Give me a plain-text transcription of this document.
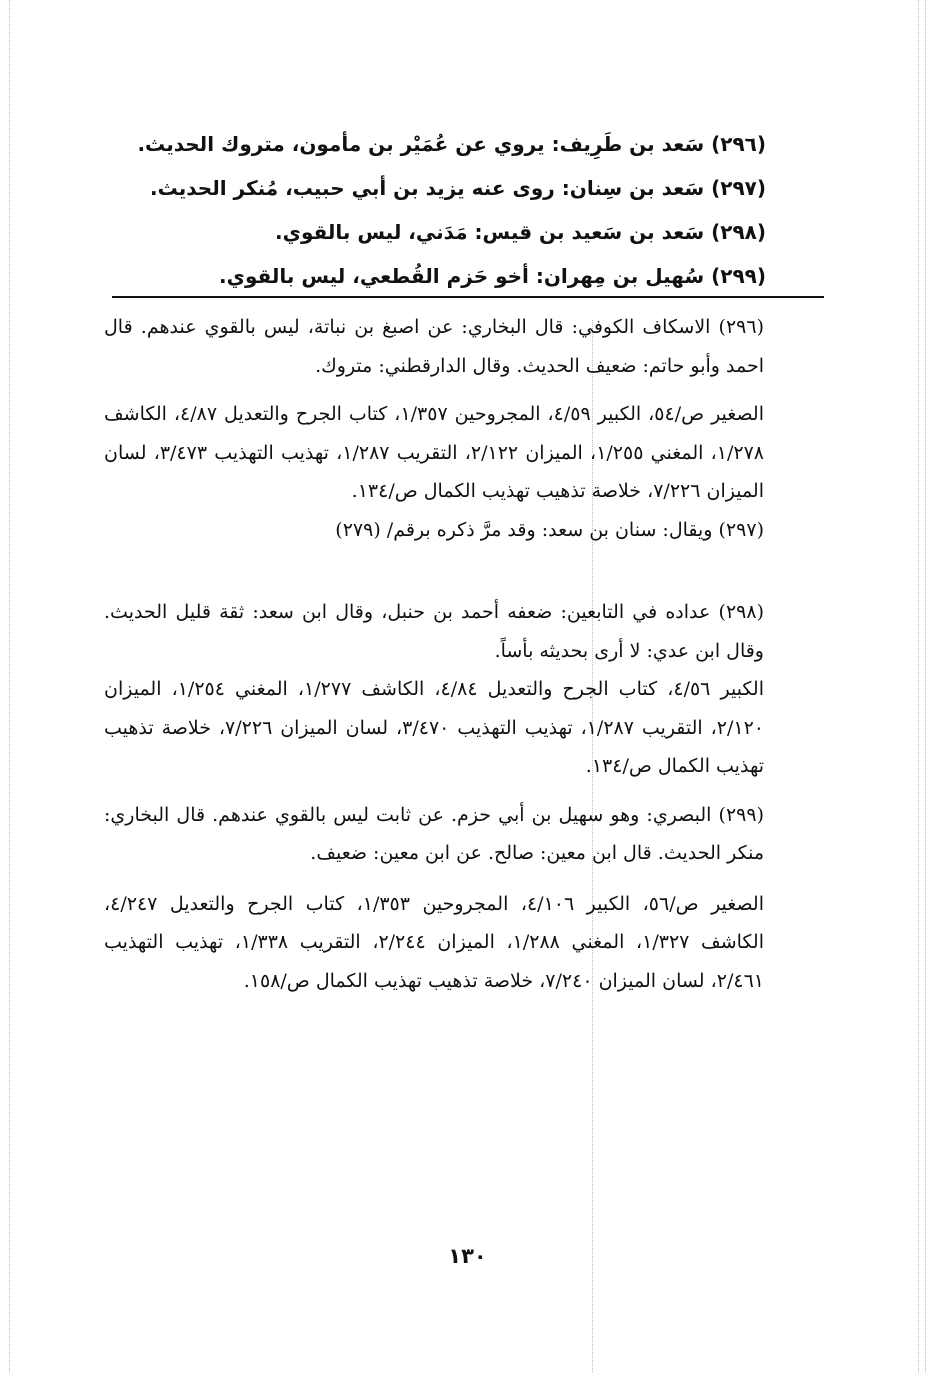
(٢٩٦) سَعد بن طَرِيف: يروي عن عُمَيْر بن مأمون، متروك الحديث.
(٢٩٧) سَعد بن سِنان: روى عنه يزيد بن أبي حبيب، مُنكر الحديث.
(٢٩٨) سَعد بن سَعيد بن قيس: مَدَني، ليس بالقوي.
(٢٩٩) سُهيل بن مِهران: أخو حَزم القُطعي، ليس بالقوي.

(٢٩٦) الاسكاف الكوفي: قال البخاري: عن اصبغ بن نباتة، ليس بالقوي عندهم. قال احمد وأبو حاتم: ضعيف الحديث. وقال الدارقطني: متروك.

الصغير ص/٥٤، الكبير ٤/٥٩، المجروحين ١/٣٥٧، كتاب الجرح والتعديل ٤/٨٧، الكاشف ١/٢٧٨، المغني ١/٢٥٥، الميزان ٢/١٢٢، التقريب ١/٢٨٧، تهذيب التهذيب ٣/٤٧٣، لسان الميزان ٧/٢٢٦، خلاصة تذهيب تهذيب الكمال ص/١٣٤.

(٢٩٧) ويقال: سنان بن سعد: وقد مرَّ ذكره برقم/ (٢٧٩)

(٢٩٨) عداده في التابعين: ضعفه أحمد بن حنبل، وقال ابن سعد: ثقة قليل الحديث. وقال ابن عدي: لا أرى بحديثه بأساً.

الكبير ٤/٥٦، كتاب الجرح والتعديل ٤/٨٤، الكاشف ١/٢٧٧، المغني ١/٢٥٤، الميزان ٢/١٢٠، التقريب ١/٢٨٧، تهذيب التهذيب ٣/٤٧٠، لسان الميزان ٧/٢٢٦، خلاصة تذهيب تهذيب الكمال ص/١٣٤.

(٢٩٩) البصري: وهو سهيل بن أبي حزم. عن ثابت ليس بالقوي عندهم. قال البخاري: منكر الحديث. قال ابن معين: صالح. عن ابن معين: ضعيف.

الصغير ص/٥٦، الكبير ٤/١٠٦، المجروحين ١/٣٥٣، كتاب الجرح والتعديل ٤/٢٤٧، الكاشف ١/٣٢٧، المغني ١/٢٨٨، الميزان ٢/٢٤٤، التقريب ١/٣٣٨، تهذيب التهذيب ٢/٤٦١، لسان الميزان ٧/٢٤٠، خلاصة تذهيب تهذيب الكمال ص/١٥٨.

١٣٠
